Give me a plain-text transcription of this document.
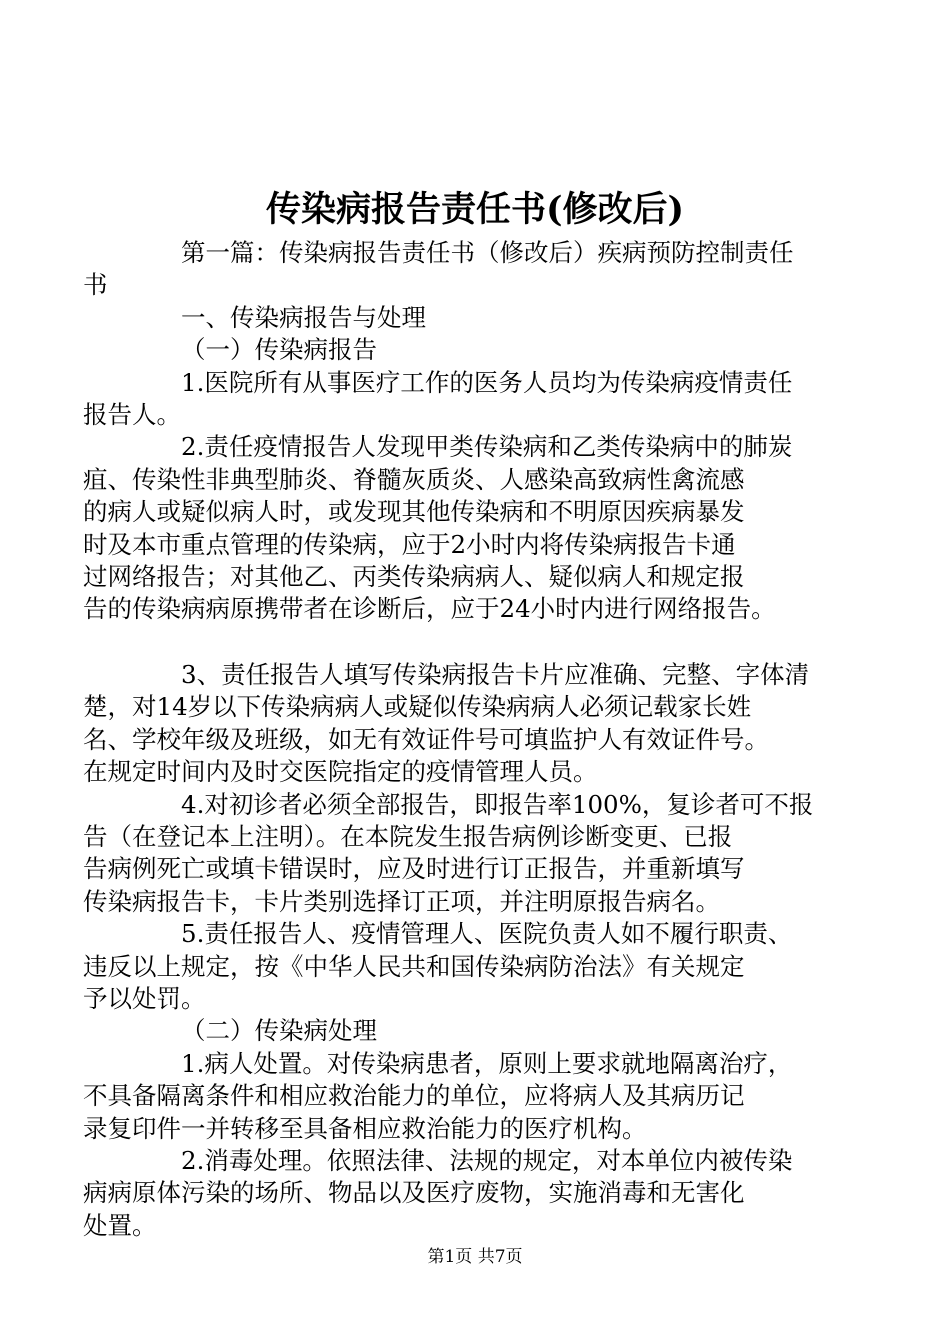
传染病报告责任书(修改后)

第一篇：传染病报告责任书（修改后）疾病预防控制责任
书

一、传染病报告与处理

（一）传染病报告

1.医院所有从事医疗工作的医务人员均为传染病疫情责任
报告人。

2.责任疫情报告人发现甲类传染病和乙类传染病中的肺炭
疽、传染性非典型肺炎、脊髓灰质炎、人感染高致病性禽流感
的病人或疑似病人时，或发现其他传染病和不明原因疾病暴发
时及本市重点管理的传染病，应于2小时内将传染病报告卡通
过网络报告；对其他乙、丙类传染病病人、疑似病人和规定报
告的传染病病原携带者在诊断后，应于24小时内进行网络报告。

3、责任报告人填写传染病报告卡片应准确、完整、字体清
楚，对14岁以下传染病病人或疑似传染病病人必须记载家长姓
名、学校年级及班级，如无有效证件号可填监护人有效证件号。
在规定时间内及时交医院指定的疫情管理人员。

4.对初诊者必须全部报告，即报告率100%，复诊者可不报
告（在登记本上注明）。在本院发生报告病例诊断变更、已报
告病例死亡或填卡错误时，应及时进行订正报告，并重新填写
传染病报告卡，卡片类别选择订正项，并注明原报告病名。

5.责任报告人、疫情管理人、医院负责人如不履行职责、
违反以上规定，按《中华人民共和国传染病防治法》有关规定
予以处罚。

（二）传染病处理

1.病人处置。对传染病患者，原则上要求就地隔离治疗，
不具备隔离条件和相应救治能力的单位，应将病人及其病历记
录复印件一并转移至具备相应救治能力的医疗机构。

2.消毒处理。依照法律、法规的规定，对本单位内被传染
病病原体污染的场所、物品以及医疗废物，实施消毒和无害化
处置。

第1页 共7页
